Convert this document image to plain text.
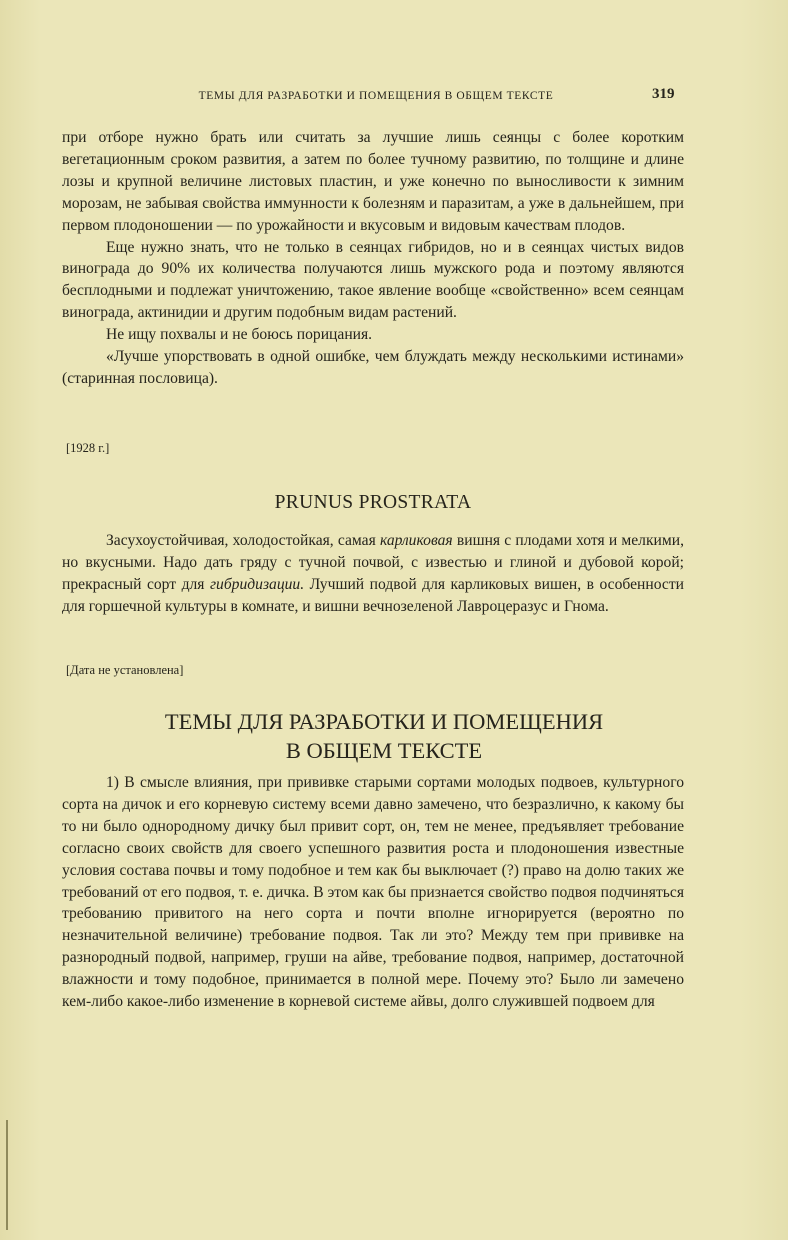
ТЕМЫ ДЛЯ РАЗРАБОТКИ И ПОМЕЩЕНИЯ В ОБЩЕМ ТЕКСТЕ	319

при отборе нужно брать или считать за лучшие лишь сеянцы с более коротким вегетационным сроком развития, а затем по более тучному развитию, по толщине и длине лозы и крупной величине листовых пластин, и уже конечно по выносливости к зимним морозам, не забывая свойства иммунности к болезням и паразитам, а уже в дальнейшем, при первом плодоношении — по урожайности и вкусовым и видовым качествам плодов.

Еще нужно знать, что не только в сеянцах гибридов, но и в сеянцах чистых видов винограда до 90% их количества получаются лишь мужского рода и поэтому являются бесплодными и подлежат уничтожению, такое явление вообще «свойственно» всем сеянцам винограда, актинидии и другим подобным видам растений.

Не ищу похвалы и не боюсь порицания.

«Лучше упорствовать в одной ошибке, чем блуждать между несколькими истинами» (старинная пословица).

[1928 г.]
PRUNUS PROSTRATA

Засухоустойчивая, холодостойкая, самая карликовая вишня с плодами хотя и мелкими, но вкусными. Надо дать гряду с тучной почвой, с известью и глиной и дубовой корой; прекрасный сорт для гибридизации. Лучший подвой для карликовых вишен, в особенности для горшечной культуры в комнате, и вишни вечнозеленой Лавроцеразус и Гнома.

[Дата не установлена]
ТЕМЫ ДЛЯ РАЗРАБОТКИ И ПОМЕЩЕНИЯ
В ОБЩЕМ ТЕКСТЕ

1) В смысле влияния, при прививке старыми сортами молодых подвоев, культурного сорта на дичок и его корневую систему всеми давно замечено, что безразлично, к какому бы то ни было однородному дичку был привит сорт, он, тем не менее, предъявляет требование согласно своих свойств для своего успешного развития роста и плодоношения известные условия состава почвы и тому подобное и тем как бы выключает (?) право на долю таких же требований от его подвоя, т. е. дичка. В этом как бы признается свойство подвоя подчиняться требованию привитого на него сорта и почти вполне игнорируется (вероятно по незначительной величине) требование подвоя. Так ли это? Между тем при прививке на разнородный подвой, например, груши на айве, требование подвоя, например, достаточной влажности и тому подобное, принимается в полной мере. Почему это? Было ли замечено кем-либо какое-либо изменение в корневой системе айвы, долго служившей подвоем для
